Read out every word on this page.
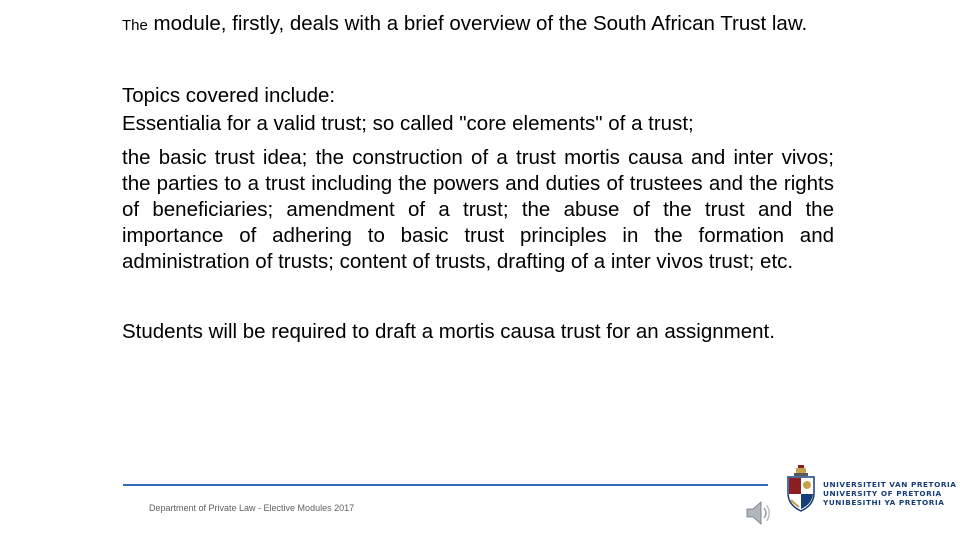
The module, firstly, deals with a brief overview of the South African Trust law.

Topics covered include:

Essentialia for a valid trust; so called "core elements" of a trust;

the basic trust idea; the construction of a trust mortis causa and inter vivos; the parties to a trust including the powers and duties of trustees and the rights of beneficiaries; amendment of a trust; the abuse of the trust and the importance of adhering to basic trust principles in the formation and administration of trusts; content of trusts, drafting of a inter vivos trust; etc.

Students will be required to draft a mortis causa trust for an assignment.

Department of Private Law - Elective Modules 2017
UNIVERSITEIT VAN PRETORIA
UNIVERSITY OF PRETORIA
YUNIBESITHI YA PRETORIA
